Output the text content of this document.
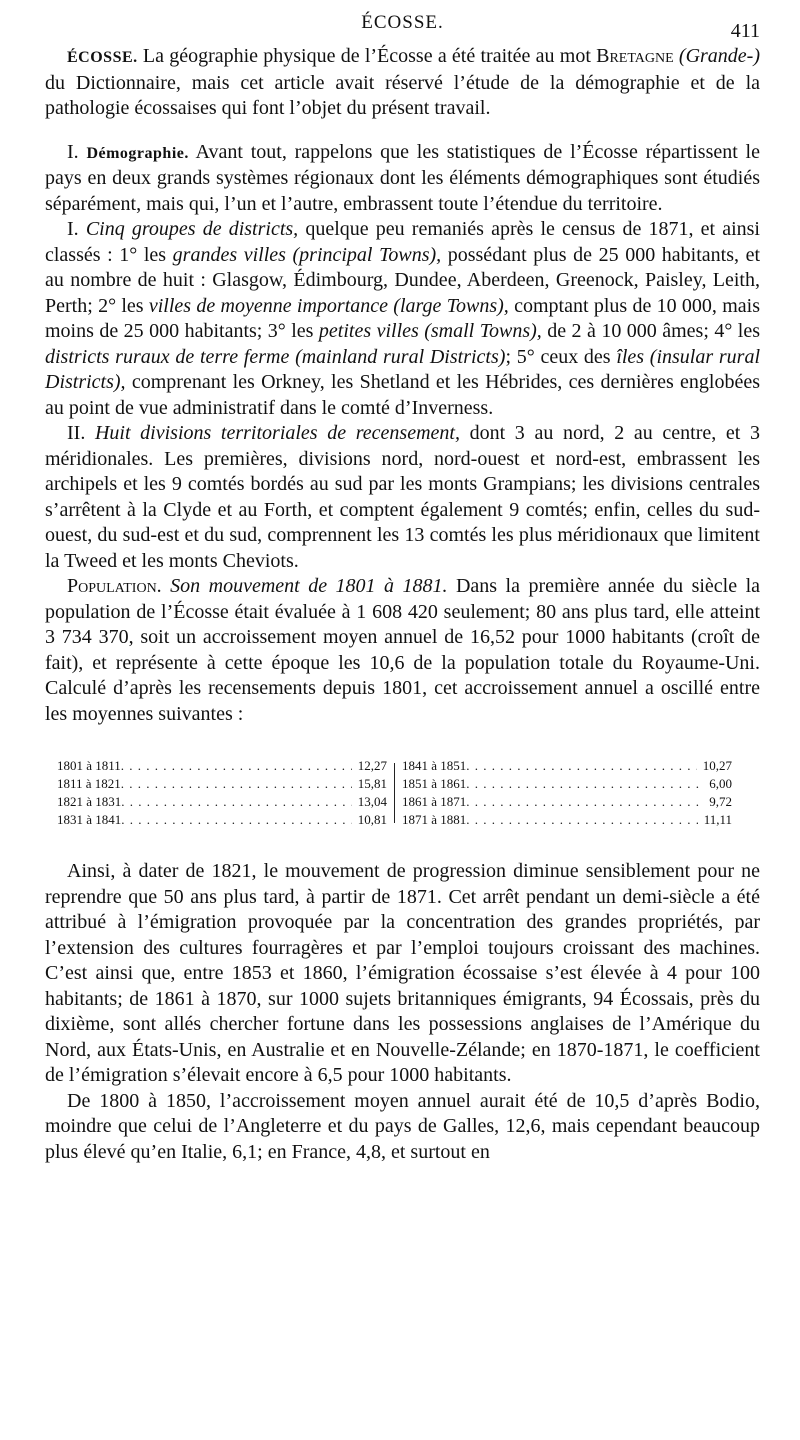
ÉCOSSE.	411

ÉCOSSE. La géographie physique de l’Écosse a été traitée au mot Bretagne (Grande-) du Dictionnaire, mais cet article avait réservé l’étude de la démographie et de la pathologie écossaises qui font l’objet du présent travail.

I. Démographie. Avant tout, rappelons que les statistiques de l’Écosse répartissent le pays en deux grands systèmes régionaux dont les éléments démographiques sont étudiés séparément, mais qui, l’un et l’autre, embrassent toute l’étendue du territoire.

I. Cinq groupes de districts, quelque peu remaniés après le census de 1871, et ainsi classés : 1° les grandes villes (principal Towns), possédant plus de 25 000 habitants, et au nombre de huit : Glasgow, Édimbourg, Dundee, Aberdeen, Greenock, Paisley, Leith, Perth; 2° les villes de moyenne importance (large Towns), comptant plus de 10 000, mais moins de 25 000 habitants; 3° les petites villes (small Towns), de 2 à 10 000 âmes; 4° les districts ruraux de terre ferme (mainland rural Districts); 5° ceux des îles (insular rural Districts), comprenant les Orkney, les Shetland et les Hébrides, ces dernières englobées au point de vue administratif dans le comté d’Inverness.

II. Huit divisions territoriales de recensement, dont 3 au nord, 2 au centre, et 3 méridionales. Les premières, divisions nord, nord-ouest et nord-est, embrassent les archipels et les 9 comtés bordés au sud par les monts Grampians; les divisions centrales s’arrêtent à la Clyde et au Forth, et comptent également 9 comtés; enfin, celles du sud-ouest, du sud-est et du sud, comprennent les 13 comtés les plus méridionaux que limitent la Tweed et les monts Cheviots.

Population. Son mouvement de 1801 à 1881. Dans la première année du siècle la population de l’Écosse était évaluée à 1 608 420 seulement; 80 ans plus tard, elle atteint 3 734 370, soit un accroissement moyen annuel de 16,52 pour 1000 habitants (croît de fait), et représente à cette époque les 10,6 de la population totale du Royaume-Uni. Calculé d’après les recensements depuis 1801, cet accroissement annuel a oscillé entre les moyennes suivantes :

1801 à 1811 . . .	12,27
1811 à 1821 . . .	15,81
1821 à 1831 . . .	13,04
1831 à 1841 . . .	10,81
1841 à 1851 . . .	10,27
1851 à 1861 . . .	6,00
1861 à 1871 . . .	9,72
1871 à 1881 . . .	11,11

Ainsi, à dater de 1821, le mouvement de progression diminue sensiblement pour ne reprendre que 50 ans plus tard, à partir de 1871. Cet arrêt pendant un demi-siècle a été attribué à l’émigration provoquée par la concentration des grandes propriétés, par l’extension des cultures fourragères et par l’emploi toujours croissant des machines. C’est ainsi que, entre 1853 et 1860, l’émigration écossaise s’est élevée à 4 pour 100 habitants; de 1861 à 1870, sur 1000 sujets britanniques émigrants, 94 Écossais, près du dixième, sont allés chercher fortune dans les possessions anglaises de l’Amérique du Nord, aux États-Unis, en Australie et en Nouvelle-Zélande; en 1870-1871, le coefficient de l’émigration s’élevait encore à 6,5 pour 1000 habitants.

De 1800 à 1850, l’accroissement moyen annuel aurait été de 10,5 d’après Bodio, moindre que celui de l’Angleterre et du pays de Galles, 12,6, mais cependant beaucoup plus élevé qu’en Italie, 6,1; en France, 4,8, et surtout en
